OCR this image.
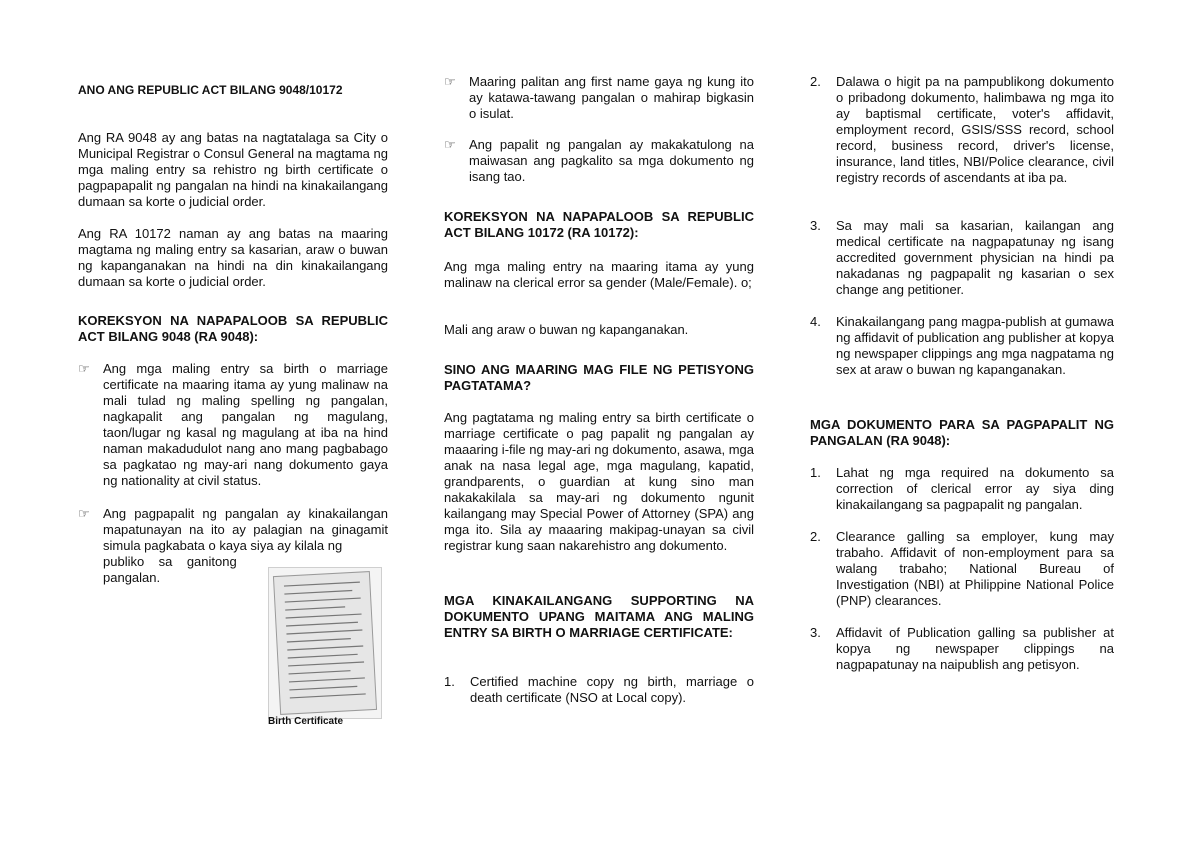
ANO ANG REPUBLIC ACT BILANG 9048/10172

Ang RA 9048 ay ang batas na nagtatalaga sa City o Municipal Registrar o Consul General na magtama ng mga maling entry sa rehistro ng birth certificate o pagpapapalit ng pangalan na hindi na kinakailangang dumaan sa korte o judicial order.

Ang RA 10172 naman ay ang batas na maaring magtama ng maling entry sa kasarian, araw o buwan ng kapanganakan na hindi na din kinakailangang dumaan sa korte o judicial order.

KOREKSYON NA NAPAPALOOB SA REPUBLIC ACT BILANG 9048 (RA 9048):

☞ Ang mga maling entry sa birth o marriage certificate na maaring itama ay yung malinaw na mali tulad ng maling spelling ng pangalan, nagkapalit ang pangalan ng magulang, taon/lugar ng kasal ng magulang at iba na hind naman makadudulot nang ano mang pagbabago sa pagkatao ng may-ari nang dokumento gaya ng nationality at civil status.

☞ Ang pagpapalit ng pangalan ay kinakailangan mapatunayan na ito ay palagian na ginagamit simula pagkabata o kaya siya ay kilala ng

publiko    sa    ganitong

pangalan.

Birth Certificate
☞ Maaring palitan ang first name gaya ng kung ito ay katawa-tawang pangalan o mahirap bigkasin o isulat.

☞ Ang papalit ng pangalan ay makakatulong na maiwasan ang pagkalito sa mga dokumento ng isang tao.

KOREKSYON NA NAPAPALOOB SA REPUBLIC ACT BILANG 10172 (RA 10172):

Ang mga maling entry na maaring itama ay yung malinaw na clerical error sa gender (Male/Female). o;

Mali ang araw o buwan ng kapanganakan.

SINO ANG MAARING MAG FILE NG PETISYONG PAGTATAMA?

Ang pagtatama ng maling entry sa birth certificate o marriage certificate o pag papalit ng pangalan ay maaaring i-file ng may-ari ng dokumento, asawa, mga anak na nasa legal age, mga magulang, kapatid, grandparents, o guardian at kung sino man nakakakilala sa may-ari ng dokumento ngunit kailangang may Special Power of Attorney (SPA) ang mga ito. Sila ay maaaring makipag-unayan sa civil registrar kung saan nakarehistro ang dokumento.

MGA KINAKAILANGANG SUPPORTING NA DOKUMENTO UPANG MAITAMA ANG MALING ENTRY SA BIRTH O MARRIAGE CERTIFICATE:

1. Certified machine copy ng birth, marriage o death certificate (NSO at Local copy).

2. Dalawa o higit pa na pampublikong dokumento o pribadong dokumento, halimbawa ng mga ito ay baptismal certificate, voter's affidavit, employment record, GSIS/SSS record, school record, business record, driver's license, insurance, land titles, NBI/Police clearance, civil registry records of ascendants at iba pa.

3. Sa may mali sa kasarian, kailangan ang medical certificate na nagpapatunay ng isang accredited government physician na hindi pa nakadanas ng pagpapalit ng kasarian o sex change ang petitioner.

4. Kinakailangang pang magpa-publish at gumawa ng affidavit of publication ang publisher at kopya ng newspaper clippings ang mga nagpatama ng sex at araw o buwan ng kapanganakan.

MGA DOKUMENTO PARA SA PAGPAPALIT NG PANGALAN (RA 9048):

1. Lahat ng mga required na dokumento sa correction of clerical error ay siya ding kinakailangang sa pagpapalit ng pangalan.

2. Clearance galling sa employer, kung may trabaho. Affidavit of non-employment para sa walang trabaho; National Bureau of Investigation (NBI) at Philippine National Police (PNP) clearances.

3. Affidavit of Publication galling sa publisher at kopya ng newspaper clippings na nagpapatunay na naipublish ang petisyon.
